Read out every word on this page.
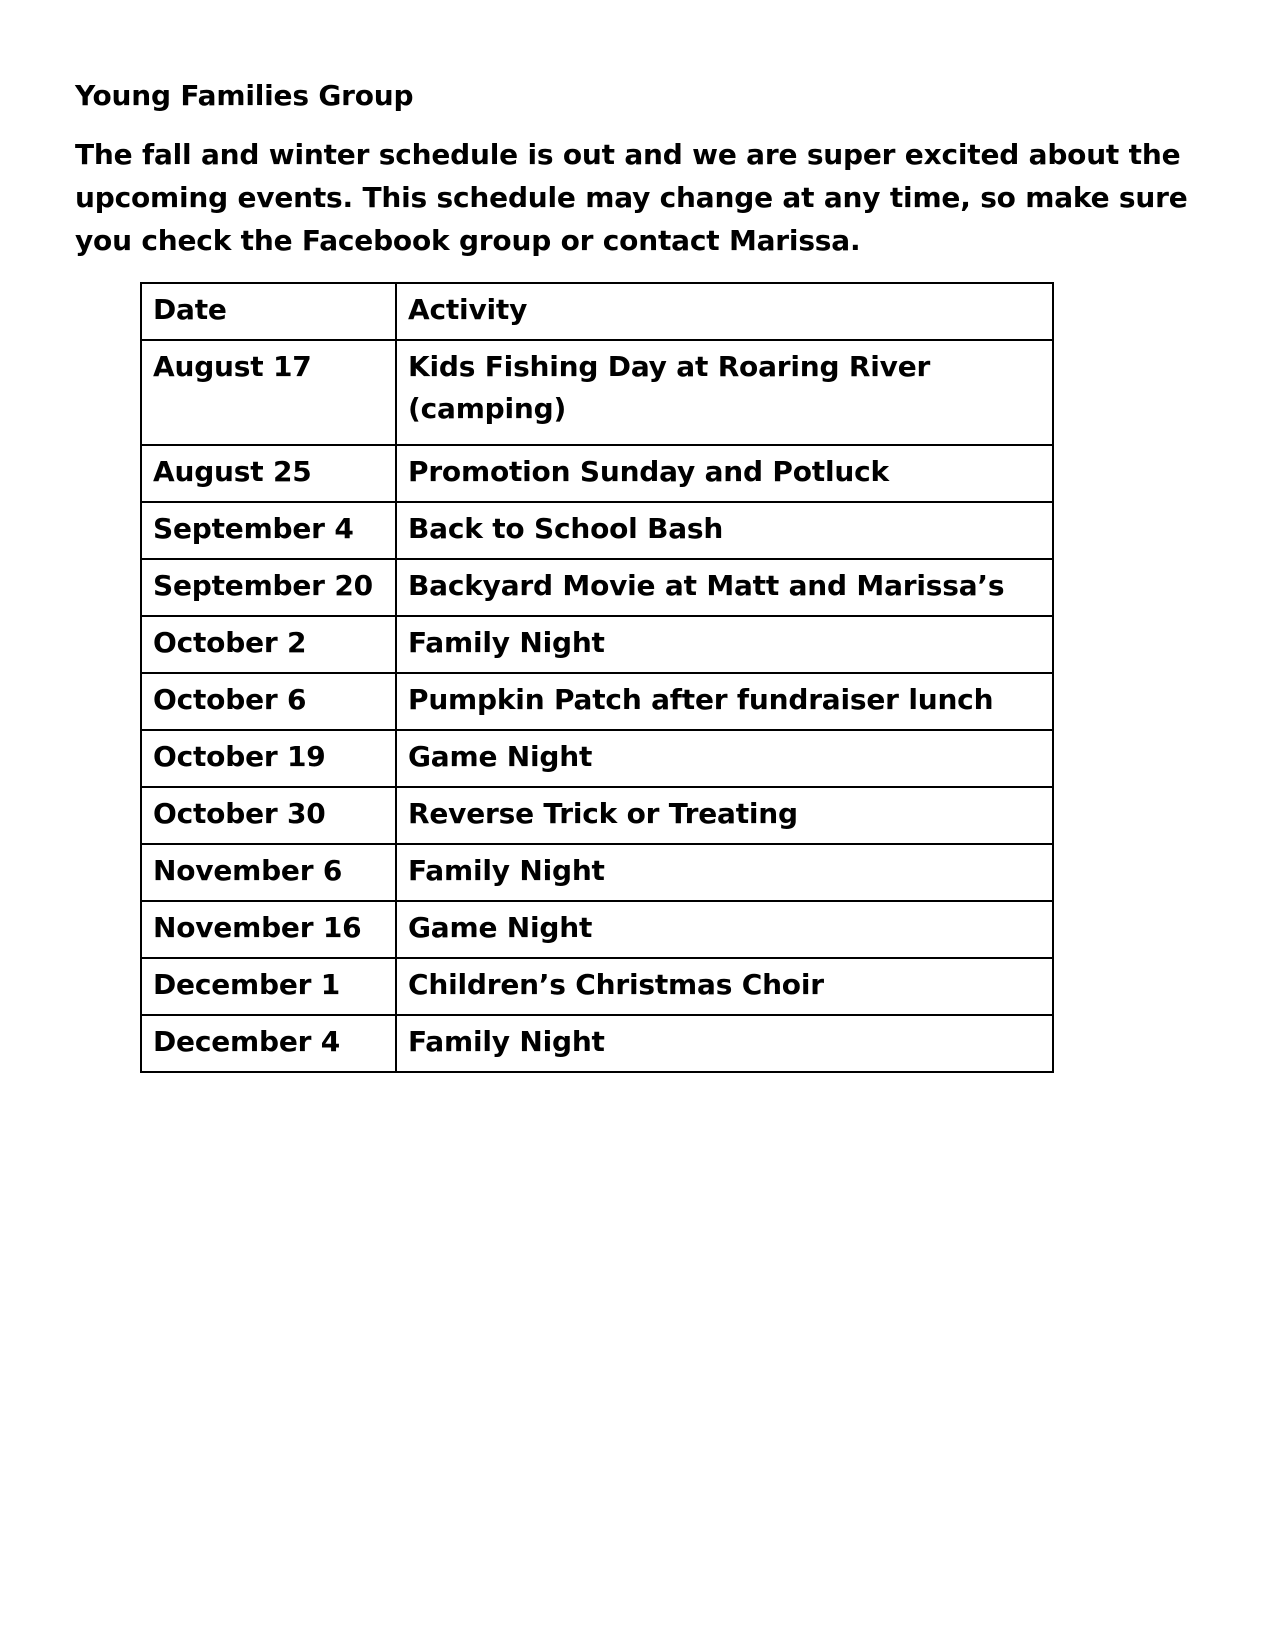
Young Families Group
The fall and winter schedule is out and we are super excited about the
upcoming events. This schedule may change at any time, so make sure
you check the Facebook group or contact Marissa.
Date	Activity
August 17	Kids Fishing Day at Roaring River (camping)
August 25	Promotion Sunday and Potluck
September 4	Back to School Bash
September 20	Backyard Movie at Matt and Marissa’s
October 2	Family Night
October 6	Pumpkin Patch after fundraiser lunch
October 19	Game Night
October 30	Reverse Trick or Treating
November 6	Family Night
November 16	Game Night
December 1	Children’s Christmas Choir
December 4	Family Night
